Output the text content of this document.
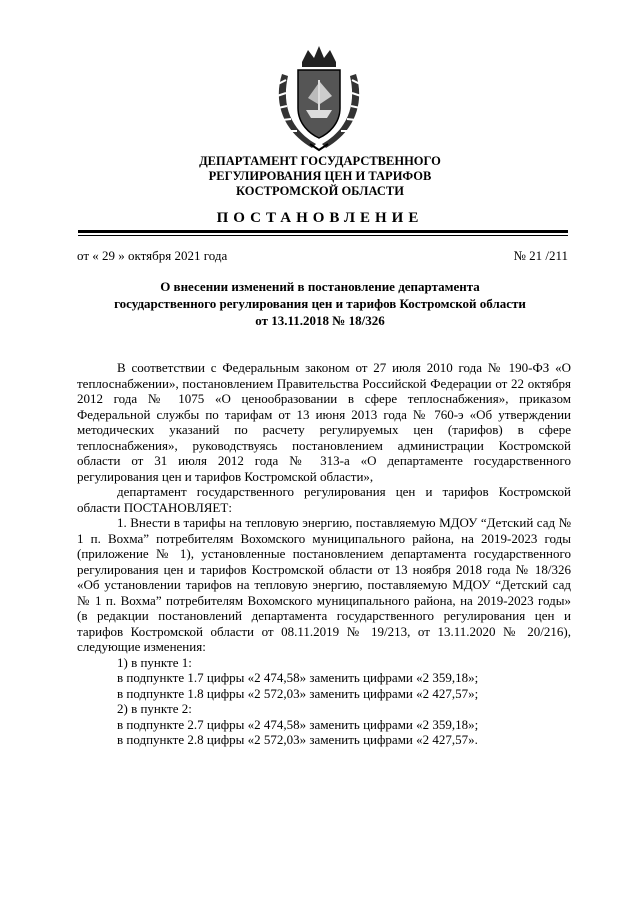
ДЕПАРТАМЕНТ ГОСУДАРСТВЕННОГО
РЕГУЛИРОВАНИЯ ЦЕН И ТАРИФОВ
КОСТРОМСКОЙ ОБЛАСТИ
ПОСТАНОВЛЕНИЕ
от « 29 » октября 2021 года	№ 21 /211
О внесении изменений в постановление департамента
государственного регулирования цен и тарифов Костромской области
от 13.11.2018 № 18/326

В соответствии с Федеральным законом от 27 июля 2010 года № 190-ФЗ «О теплоснабжении», постановлением Правительства Российской Федерации от 22 октября 2012 года № 1075 «О ценообразовании в сфере теплоснабжения», приказом Федеральной службы по тарифам от 13 июня 2013 года № 760-э «Об утверждении методических указаний по расчету регулируемых цен (тарифов) в сфере теплоснабжения», руководствуясь постановлением администрации Костромской области от 31 июля 2012 года № 313-а «О департаменте государственного регулирования цен и тарифов Костромской области»,

департамент государственного регулирования цен и тарифов Костромской области ПОСТАНОВЛЯЕТ:

1. Внести в тарифы на тепловую энергию, поставляемую МДОУ “Детский сад № 1 п. Вохма” потребителям Вохомского муниципального района, на 2019-2023 годы (приложение № 1), установленные постановлением департамента государственного регулирования цен и тарифов Костромской области от 13 ноября 2018 года № 18/326 «Об установлении тарифов на тепловую энергию, поставляемую МДОУ “Детский сад № 1 п. Вохма” потребителям Вохомского муниципального района, на 2019-2023 годы» (в редакции постановлений департамента государственного регулирования цен и тарифов Костромской области от 08.11.2019 № 19/213, от 13.11.2020 № 20/216), следующие изменения:

1) в пункте 1:

в подпункте 1.7 цифры «2 474,58» заменить цифрами «2 359,18»;

в подпункте 1.8 цифры «2 572,03» заменить цифрами «2 427,57»;

2) в пункте 2:

в подпункте 2.7 цифры «2 474,58» заменить цифрами «2 359,18»;

в подпункте 2.8 цифры «2 572,03» заменить цифрами «2 427,57».
